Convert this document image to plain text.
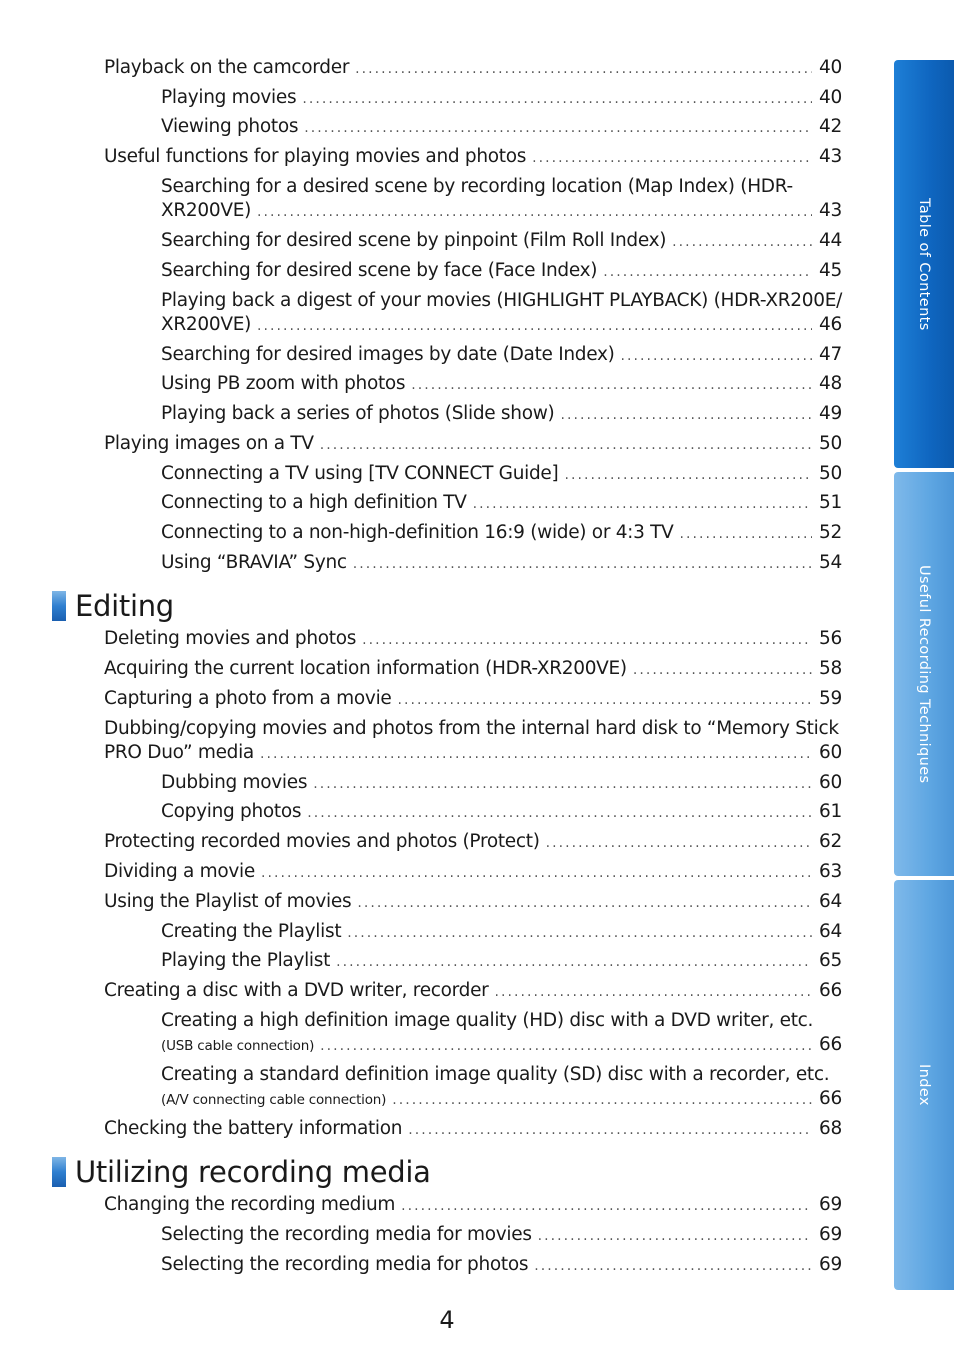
Playback on the camcorder . . .	40
Playing movies . . .	40
Viewing photos . . .	42
Useful functions for playing movies and photos . . .	43
Searching for a desired scene by recording location (Map Index) (HDR-
XR200VE) . . .	43
Searching for desired scene by pinpoint (Film Roll Index) . . .	44
Searching for desired scene by face (Face Index) . . .	45
Playing back a digest of your movies (HIGHLIGHT PLAYBACK) (HDR-XR200E/
XR200VE) . . .	46
Searching for desired images by date (Date Index) . . .	47
Using PB zoom with photos . . .	48
Playing back a series of photos (Slide show) . . .	49
Playing images on a TV . . .	50
Connecting a TV using [TV CONNECT Guide] . . .	50
Connecting to a high definition TV . . .	51
Connecting to a non-high-definition 16:9 (wide) or 4:3 TV . . .	52
Using “BRAVIA” Sync . . .	54
Deleting movies and photos . . .	56
Acquiring the current location information (HDR-XR200VE) . . .	58
Capturing a photo from a movie . . .	59
Dubbing/copying movies and photos from the internal hard disk to “Memory Stick
PRO Duo” media . . .	60
Dubbing movies . . .	60
Copying photos . . .	61
Protecting recorded movies and photos (Protect) . . .	62
Dividing a movie . . .	63
Using the Playlist of movies . . .	64
Creating the Playlist . . .	64
Playing the Playlist . . .	65
Creating a disc with a DVD writer, recorder . . .	66
Creating a high definition image quality (HD) disc with a DVD writer, etc.
(USB cable connection) . . .	66
Creating a standard definition image quality (SD) disc with a recorder, etc.
(A/V connecting cable connection) . . .	66
Checking the battery information . . .	68
Changing the recording medium . . .	69
Selecting the recording media for movies . . .	69
Selecting the recording media for photos . . .	69
Editing
Utilizing recording media
Table of Contents
Useful Recording Techniques
Index
4
